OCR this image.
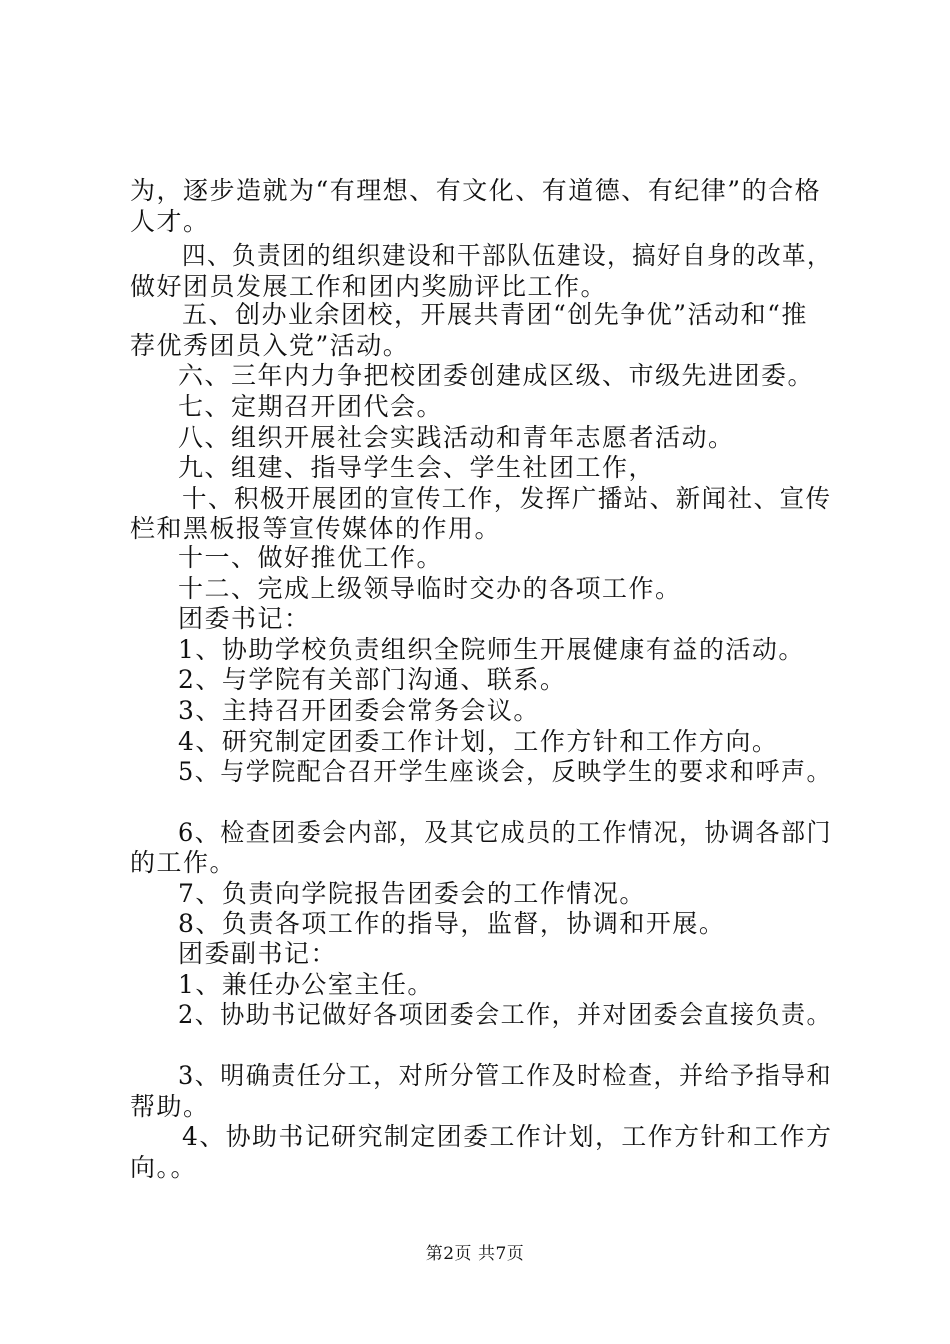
为，逐步造就为“有理想、有文化、有道德、有纪律”的合格
人才。
四、负责团的组织建设和干部队伍建设，搞好自身的改革，
做好团员发展工作和团内奖励评比工作。
五、创办业余团校，开展共青团“创先争优”活动和“推
荐优秀团员入党”活动。
六、三年内力争把校团委创建成区级、市级先进团委。
七、定期召开团代会。
八、组织开展社会实践活动和青年志愿者活动。
九、组建、指导学生会、学生社团工作，
十、积极开展团的宣传工作，发挥广播站、新闻社、宣传
栏和黑板报等宣传媒体的作用。
十一、做好推优工作。
十二、完成上级领导临时交办的各项工作。
团委书记：
1、协助学校负责组织全院师生开展健康有益的活动。
2、与学院有关部门沟通、联系。
3、主持召开团委会常务会议。
4、研究制定团委工作计划，工作方针和工作方向。
5、与学院配合召开学生座谈会，反映学生的要求和呼声。
6、检查团委会内部，及其它成员的工作情况，协调各部门
的工作。
7、负责向学院报告团委会的工作情况。
8、负责各项工作的指导，监督，协调和开展。
团委副书记：
1、兼任办公室主任。
2、协助书记做好各项团委会工作，并对团委会直接负责。
3、明确责任分工，对所分管工作及时检查，并给予指导和
帮助。
4、协助书记研究制定团委工作计划，工作方针和工作方
向。。
第2页 共7页
